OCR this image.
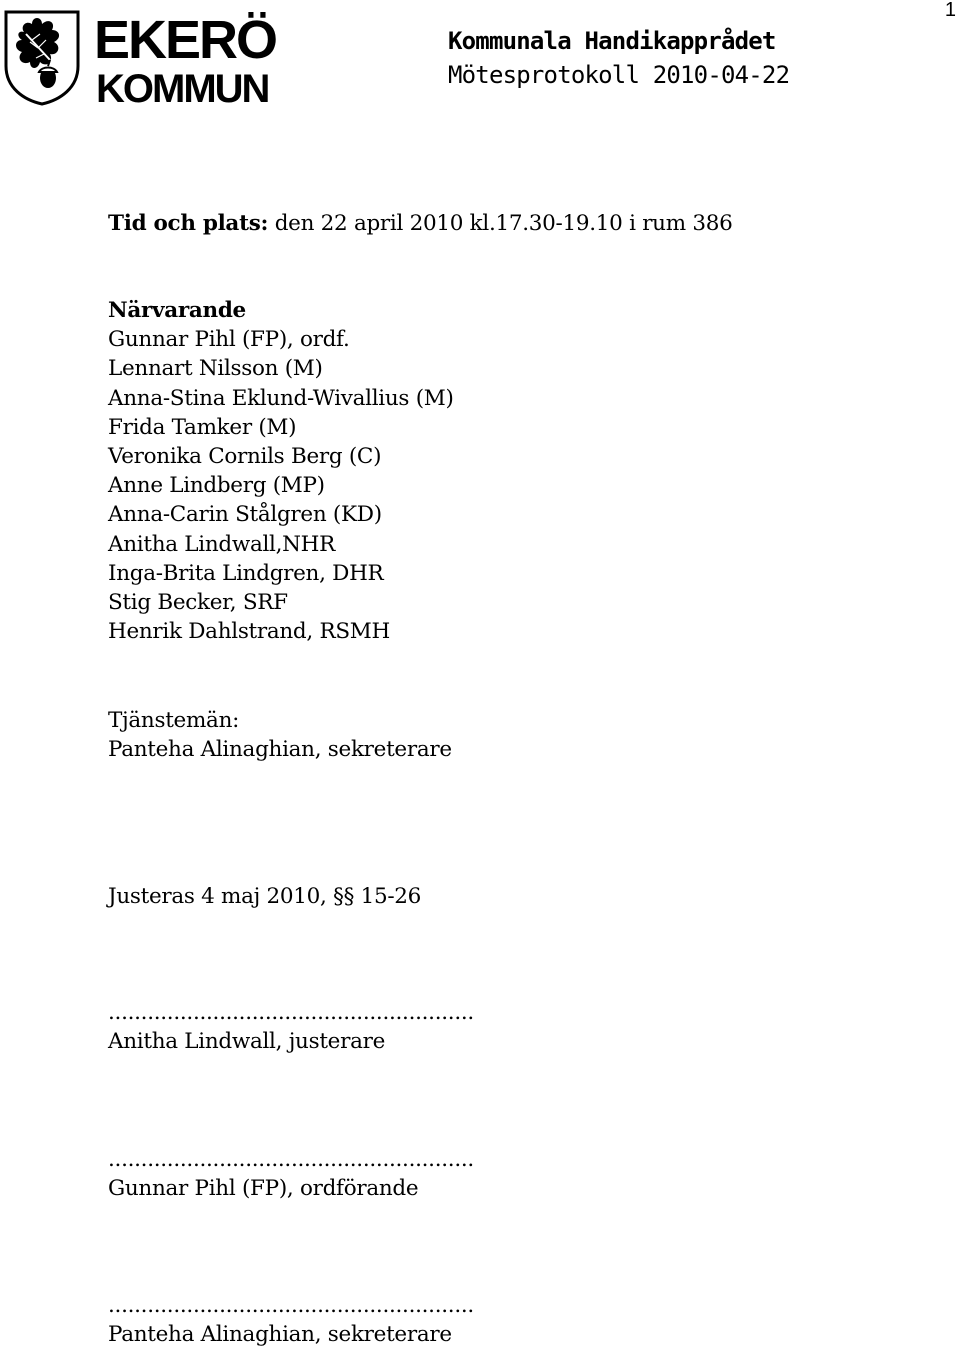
1
EKERÖ
KOMMUN
Kommunala Handikapprådet
Mötesprotokoll 2010-04-22
Tid och plats: den 22 april 2010 kl.17.30-19.10 i rum 386
Närvarande
Gunnar Pihl (FP), ordf.
Lennart Nilsson (M)
Anna-Stina Eklund-Wivallius (M)
Frida Tamker (M)
Veronika Cornils Berg (C)
Anne Lindberg (MP)
Anna-Carin Stålgren (KD)
Anitha Lindwall,NHR
Inga-Brita Lindgren, DHR
Stig Becker, SRF
Henrik Dahlstrand, RSMH
Tjänstemän:
Panteha Alinaghian, sekreterare
Justeras 4 maj 2010, §§ 15-26
........................................................
Anitha Lindwall, justerare
........................................................
Gunnar Pihl (FP), ordförande
........................................................
Panteha Alinaghian, sekreterare
